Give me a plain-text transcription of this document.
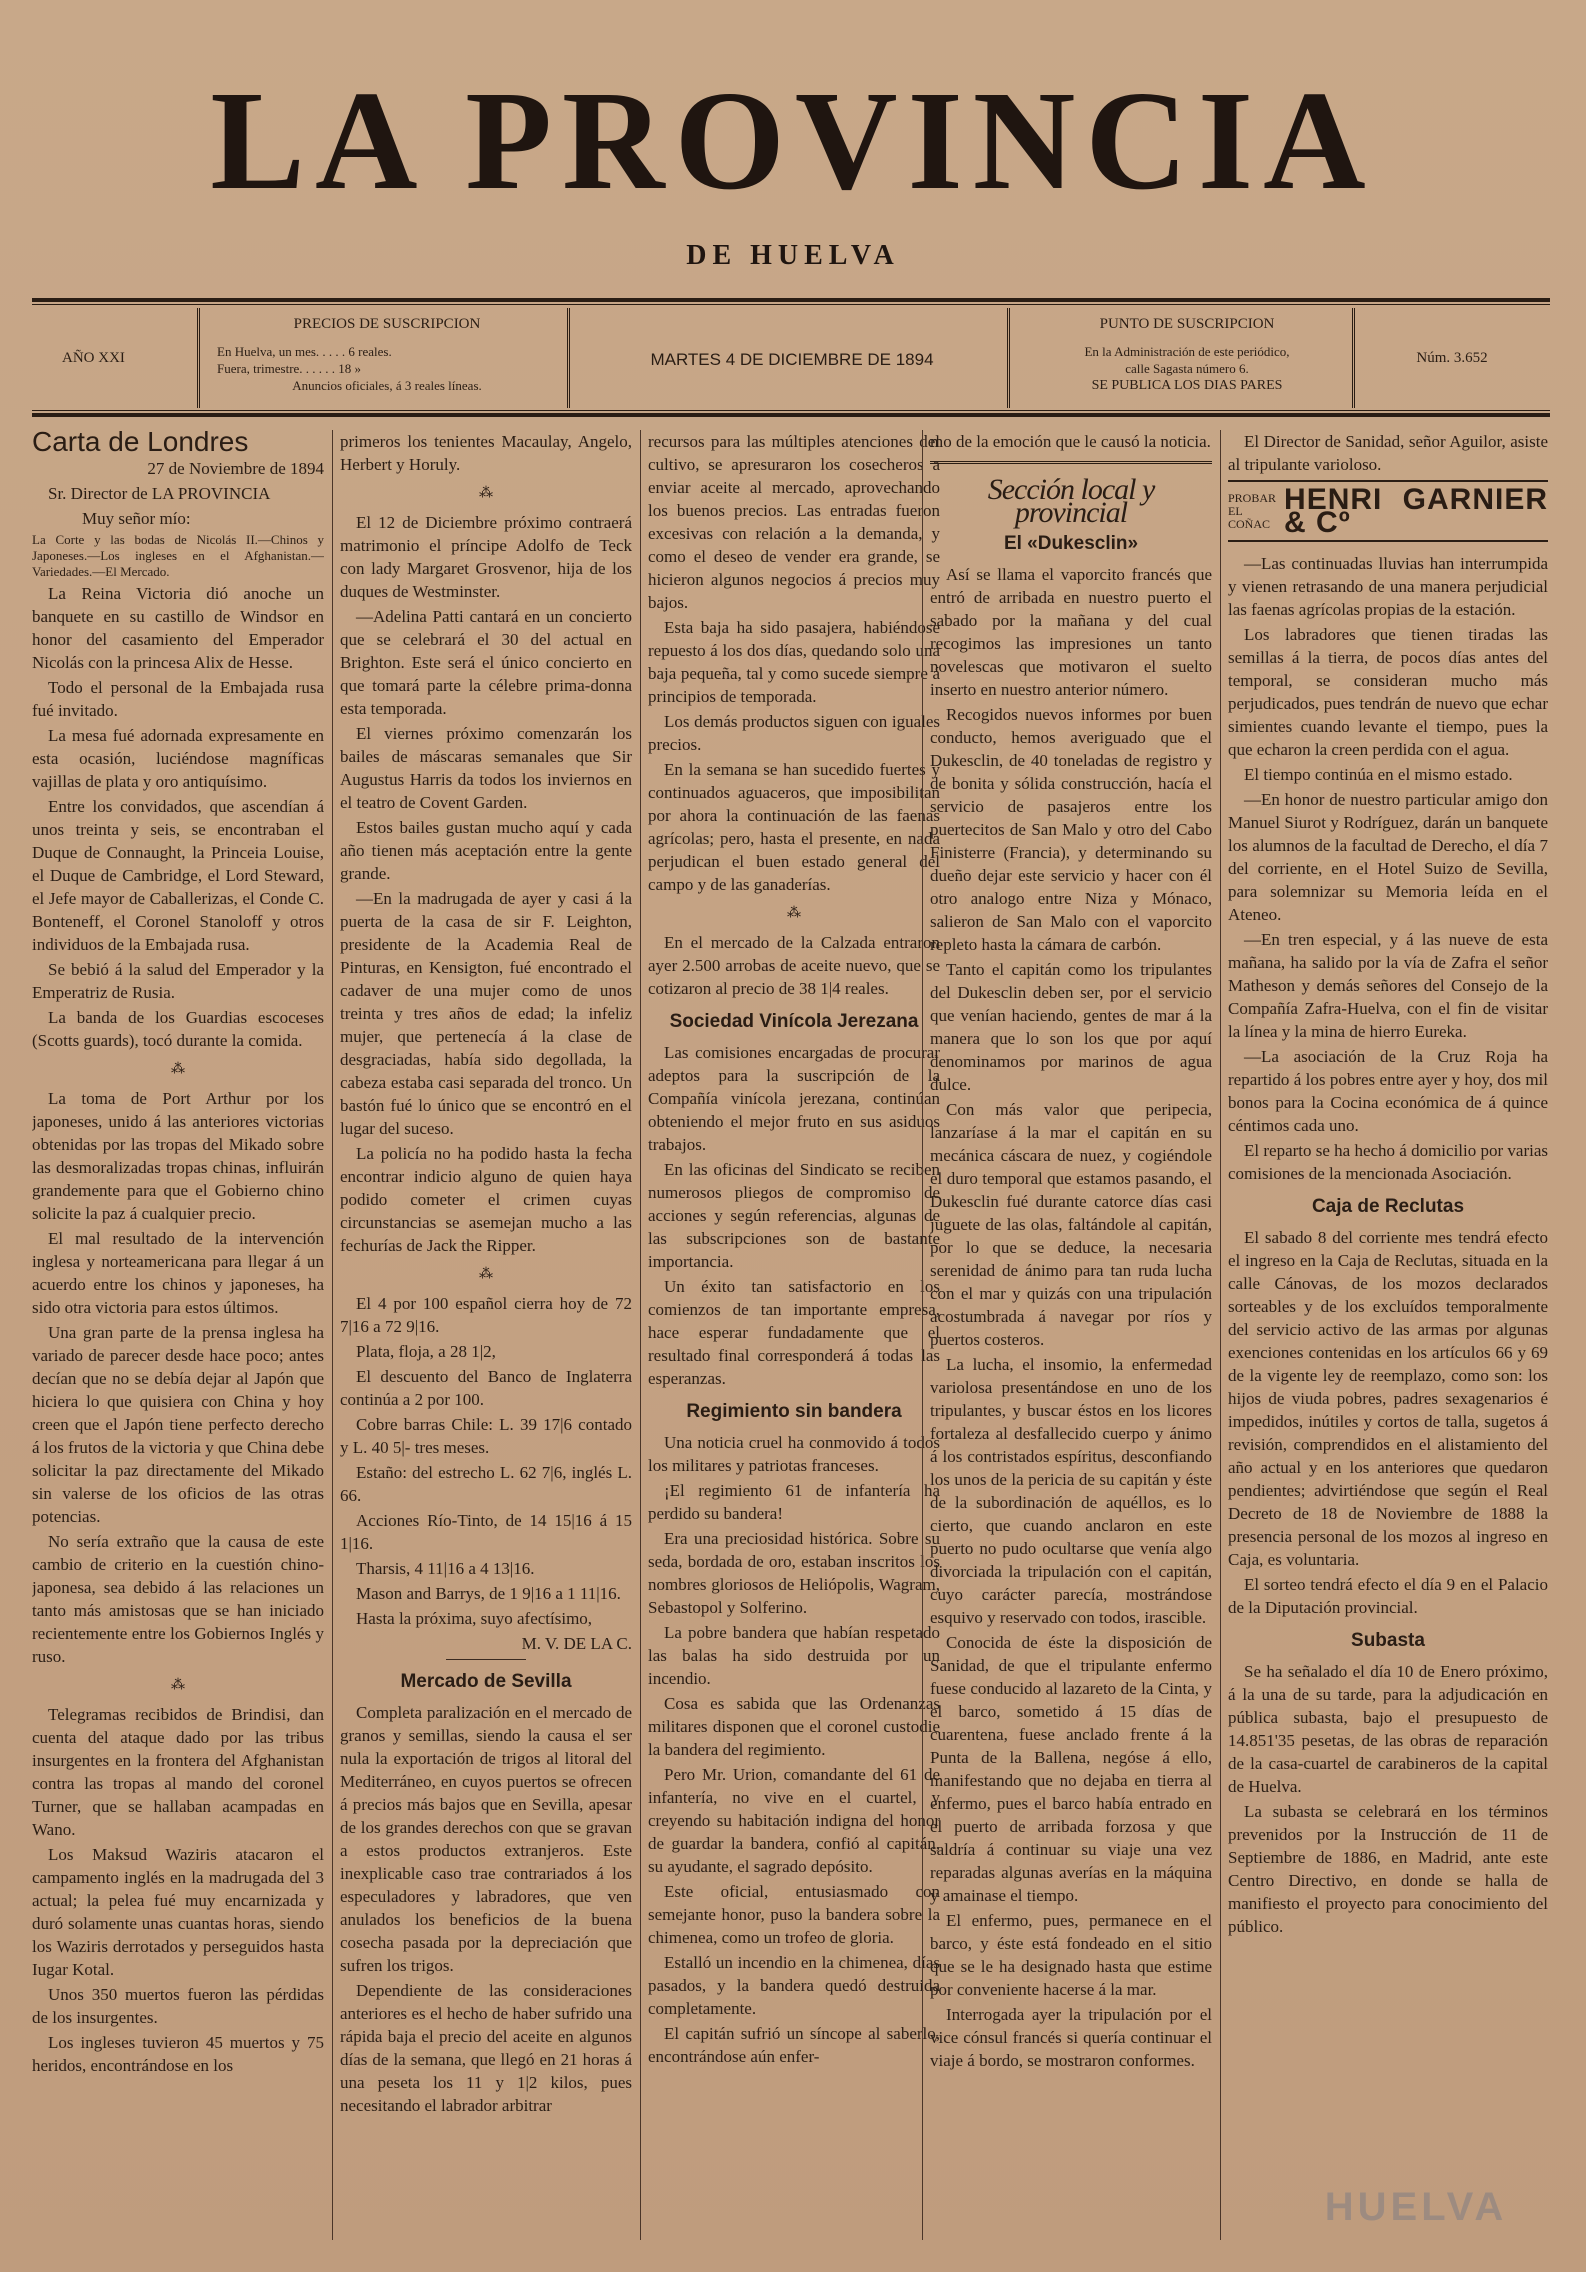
LA PROVINCIA
DE HUELVA
AÑO XXI
PRECIOS DE SUSCRIPCION
En Huelva, un mes. . . . . 6 reales.
Fuera, trimestre. . . . . . 18 »
Anuncios oficiales, á 3 reales líneas.
MARTES 4 DE DICIEMBRE DE 1894
PUNTO DE SUSCRIPCION
En la Administración de este periódico,
calle Sagasta número 6.
SE PUBLICA LOS DIAS PARES
Núm. 3.652
Carta de Londres

27 de Noviembre de 1894

Sr. Director de LA PROVINCIA

Muy señor mío:

La Corte y las bodas de Nicolás II.—Chinos y Japoneses.—Los ingleses en el Afghanistan.—Variedades.—El Mercado.

La Reina Victoria dió anoche un banquete en su castillo de Windsor en honor del casamiento del Emperador Nicolás con la princesa Alix de Hesse.

Todo el personal de la Embajada rusa fué invitado.

La mesa fué adornada expresamente en esta ocasión, luciéndose magníficas vajillas de plata y oro antiquísimo.

Entre los convidados, que ascendían á unos treinta y seis, se encontraban el Duque de Connaught, la Princeia Louise, el Duque de Cambridge, el Lord Steward, el Jefe mayor de Caballerizas, el Conde C. Bonteneff, el Coronel Stanoloff y otros individuos de la Embajada rusa.

Se bebió á la salud del Emperador y la Emperatriz de Rusia.

La banda de los Guardias escoceses (Scotts guards), tocó durante la comida.

⁂

La toma de Port Arthur por los japoneses, unido á las anteriores victorias obtenidas por las tropas del Mikado sobre las desmoralizadas tropas chinas, influirán grandemente para que el Gobierno chino solicite la paz á cualquier precio.

El mal resultado de la intervención inglesa y norteamericana para llegar á un acuerdo entre los chinos y japoneses, ha sido otra victoria para estos últimos.

Una gran parte de la prensa inglesa ha variado de parecer desde hace poco; antes decían que no se debía dejar al Japón que hiciera lo que quisiera con China y hoy creen que el Japón tiene perfecto derecho á los frutos de la victoria y que China debe solicitar la paz directamente del Mikado sin valerse de los oficios de las otras potencias.

No sería extraño que la causa de este cambio de criterio en la cuestión chino-japonesa, sea debido á las relaciones un tanto más amistosas que se han iniciado recientemente entre los Gobiernos Inglés y ruso.

⁂

Telegramas recibidos de Brindisi, dan cuenta del ataque dado por las tribus insurgentes en la frontera del Afghanistan contra las tropas al mando del coronel Turner, que se hallaban acampadas en Wano.

Los Maksud Waziris atacaron el campamento inglés en la madrugada del 3 actual; la pelea fué muy encarnizada y duró solamente unas cuantas horas, siendo los Waziris derrotados y perseguidos hasta Iugar Kotal.

Unos 350 muertos fueron las pérdidas de los insurgentes.

Los ingleses tuvieron 45 muertos y 75 heridos, encontrándose en los

primeros los tenientes Macaulay, Angelo, Herbert y Horuly.

⁂

El 12 de Diciembre próximo contraerá matrimonio el príncipe Adolfo de Teck con lady Margaret Grosvenor, hija de los duques de Westminster.

—Adelina Patti cantará en un concierto que se celebrará el 30 del actual en Brighton. Este será el único concierto en que tomará parte la célebre prima-donna esta temporada.

El viernes próximo comenzarán los bailes de máscaras semanales que Sir Augustus Harris da todos los inviernos en el teatro de Covent Garden.

Estos bailes gustan mucho aquí y cada año tienen más aceptación entre la gente grande.

—En la madrugada de ayer y casi á la puerta de la casa de sir F. Leighton, presidente de la Academia Real de Pinturas, en Kensigton, fué encontrado el cadaver de una mujer como de unos treinta y tres años de edad; la infeliz mujer, que pertenecía á la clase de desgraciadas, había sido degollada, la cabeza estaba casi separada del tronco. Un bastón fué lo único que se encontró en el lugar del suceso.

La policía no ha podido hasta la fecha encontrar indicio alguno de quien haya podido cometer el crimen cuyas circunstancias se asemejan mucho a las fechurías de Jack the Ripper.

⁂

El 4 por 100 español cierra hoy de 72 7|16 a 72 9|16.

Plata, floja, a 28 1|2,

El descuento del Banco de Inglaterra continúa a 2 por 100.

Cobre barras Chile: L. 39 17|6 contado y L. 40 5|- tres meses.

Estaño: del estrecho L. 62 7|6, inglés L. 66.

Acciones Río-Tinto, de 14 15|16 á 15 1|16.

Tharsis, 4 11|16 a 4 13|16.

Mason and Barrys, de 1 9|16 a 1 11|16.

Hasta la próxima, suyo afectísimo,

M. V. DE LA C.

Mercado de Sevilla

Completa paralización en el mercado de granos y semillas, siendo la causa el ser nula la exportación de trigos al litoral del Mediterráneo, en cuyos puertos se ofrecen á precios más bajos que en Sevilla, apesar de los grandes derechos con que se gravan a estos productos extranjeros. Este inexplicable caso trae contrariados á los especuladores y labradores, que ven anulados los beneficios de la buena cosecha pasada por la depreciación que sufren los trigos.

Dependiente de las consideraciones anteriores es el hecho de haber sufrido una rápida baja el precio del aceite en algunos días de la semana, que llegó en 21 horas á una peseta los 11 y 1|2 kilos, pues necesitando el labrador arbitrar

recursos para las múltiples atenciones del cultivo, se apresuraron los cosecheros a enviar aceite al mercado, aprovechando los buenos precios. Las entradas fueron excesivas con relación a la demanda, y como el deseo de vender era grande, se hicieron algunos negocios á precios muy bajos.

Esta baja ha sido pasajera, habiéndose repuesto á los dos días, quedando solo una baja pequeña, tal y como sucede siempre á principios de temporada.

Los demás productos siguen con iguales precios.

En la semana se han sucedido fuertes y continuados aguaceros, que imposibilitan por ahora la continuación de las faenas agrícolas; pero, hasta el presente, en nada perjudican el buen estado general del campo y de las ganaderías.

⁂

En el mercado de la Calzada entraron ayer 2.500 arrobas de aceite nuevo, que se cotizaron al precio de 38 1|4 reales.

Sociedad Vinícola Jerezana

Las comisiones encargadas de procurar adeptos para la suscripción de la Compañía vinícola jerezana, continúan obteniendo el mejor fruto en sus asiduos trabajos.

En las oficinas del Sindicato se reciben numerosos pliegos de compromiso de acciones y según referencias, algunas de las subscripciones son de bastante importancia.

Un éxito tan satisfactorio en los comienzos de tan importante empresa, hace esperar fundadamente que el resultado final corresponderá á todas las esperanzas.

Regimiento sin bandera

Una noticia cruel ha conmovido á todos los militares y patriotas franceses.

¡El regimiento 61 de infantería ha perdido su bandera!

Era una preciosidad histórica. Sobre su seda, bordada de oro, estaban inscritos los nombres gloriosos de Heliópolis, Wagram, Sebastopol y Solferino.

La pobre bandera que habían respetado las balas ha sido destruida por un incendio.

Cosa es sabida que las Ordenanzas militares disponen que el coronel custodie la bandera del regimiento.

Pero Mr. Urion, comandante del 61 de infantería, no vive en el cuartel, y creyendo su habitación indigna del honor de guardar la bandera, confió al capitán, su ayudante, el sagrado depósito.

Este oficial, entusiasmado con semejante honor, puso la bandera sobre la chimenea, como un trofeo de gloria.

Estalló un incendio en la chimenea, días pasados, y la bandera quedó destruida completamente.

El capitán sufrió un síncope al saberlo, encontrándose aún enfer-

mo de la emoción que le causó la noticia.

Sección local y provincial
El «Dukesclin»

Así se llama el vaporcito francés que entró de arribada en nuestro puerto el sabado por la mañana y del cual recogimos las impresiones un tanto novelescas que motivaron el suelto inserto en nuestro anterior número.

Recogidos nuevos informes por buen conducto, hemos averiguado que el Dukesclin, de 40 toneladas de registro y de bonita y sólida construcción, hacía el servicio de pasajeros entre los puertecitos de San Malo y otro del Cabo Finisterre (Francia), y determinando su dueño dejar este servicio y hacer con él otro analogo entre Niza y Mónaco, salieron de San Malo con el vaporcito repleto hasta la cámara de carbón.

Tanto el capitán como los tripulantes del Dukesclin deben ser, por el servicio que venían haciendo, gentes de mar á la manera que lo son los que por aquí denominamos por marinos de agua dulce.

Con más valor que peripecia, lanzaríase á la mar el capitán en su mecánica cáscara de nuez, y cogiéndole el duro temporal que estamos pasando, el Dukesclin fué durante catorce días casi juguete de las olas, faltándole al capitán, por lo que se deduce, la necesaria serenidad de ánimo para tan ruda lucha con el mar y quizás con una tripulación acostumbrada á navegar por ríos y puertos costeros.

La lucha, el insomio, la enfermedad variolosa presentándose en uno de los tripulantes, y buscar éstos en los licores fortaleza al desfallecido cuerpo y ánimo á los contristados espíritus, desconfiando los unos de la pericia de su capitán y éste de la subordinación de aquéllos, es lo cierto, que cuando anclaron en este puerto no pudo ocultarse que venía algo divorciada la tripulación con el capitán, cuyo carácter parecía, mostrándose esquivo y reservado con todos, irascible.

Conocida de éste la disposición de Sanidad, de que el tripulante enfermo fuese conducido al lazareto de la Cinta, y el barco, sometido á 15 días de cuarentena, fuese anclado frente á la Punta de la Ballena, negóse á ello, manifestando que no dejaba en tierra al enfermo, pues el barco había entrado en el puerto de arribada forzosa y que saldría á continuar su viaje una vez reparadas algunas averías en la máquina y amainase el tiempo.

El enfermo, pues, permanece en el barco, y éste está fondeado en el sitio que se le ha designado hasta que estime por conveniente hacerse á la mar.

Interrogada ayer la tripulación por el vice cónsul francés si quería continuar el viaje á bordo, se mostraron conformes.

El Director de Sanidad, señor Aguilor, asiste al tripulante varioloso.

PROBAR EL COÑAC
HENRI GARNIER & Cº

—Las continuadas lluvias han interrumpida y vienen retrasando de una manera perjudicial las faenas agrícolas propias de la estación.

Los labradores que tienen tiradas las semillas á la tierra, de pocos días antes del temporal, se consideran mucho más perjudicados, pues tendrán de nuevo que echar simientes cuando levante el tiempo, pues la que echaron la creen perdida con el agua.

El tiempo continúa en el mismo estado.

—En honor de nuestro particular amigo don Manuel Siurot y Rodríguez, darán un banquete los alumnos de la facultad de Derecho, el día 7 del corriente, en el Hotel Suizo de Sevilla, para solemnizar su Memoria leída en el Ateneo.

—En tren especial, y á las nueve de esta mañana, ha salido por la vía de Zafra el señor Matheson y demás señores del Consejo de la Compañía Zafra-Huelva, con el fin de visitar la línea y la mina de hierro Eureka.

—La asociación de la Cruz Roja ha repartido á los pobres entre ayer y hoy, dos mil bonos para la Cocina económica de á quince céntimos cada uno.

El reparto se ha hecho á domicilio por varias comisiones de la mencionada Asociación.

Caja de Reclutas

El sabado 8 del corriente mes tendrá efecto el ingreso en la Caja de Reclutas, situada en la calle Cánovas, de los mozos declarados sorteables y de los excluídos temporalmente del servicio activo de las armas por algunas exenciones contenidas en los artículos 66 y 69 de la vigente ley de reemplazo, como son: los hijos de viuda pobres, padres sexagenarios é impedidos, inútiles y cortos de talla, sugetos á revisión, comprendidos en el alistamiento del año actual y en los anteriores que quedaron pendientes; advirtiéndose que según el Real Decreto de 18 de Noviembre de 1888 la presencia personal de los mozos al ingreso en Caja, es voluntaria.

El sorteo tendrá efecto el día 9 en el Palacio de la Diputación provincial.

Subasta

Se ha señalado el día 10 de Enero próximo, á la una de su tarde, para la adjudicación en pública subasta, bajo el presupuesto de 14.851'35 pesetas, de las obras de reparación de la casa-cuartel de carabineros de la capital de Huelva.

La subasta se celebrará en los términos prevenidos por la Instrucción de 11 de Septiembre de 1886, en Madrid, ante este Centro Directivo, en donde se halla de manifiesto el proyecto para conocimiento del público.

HUELVA
